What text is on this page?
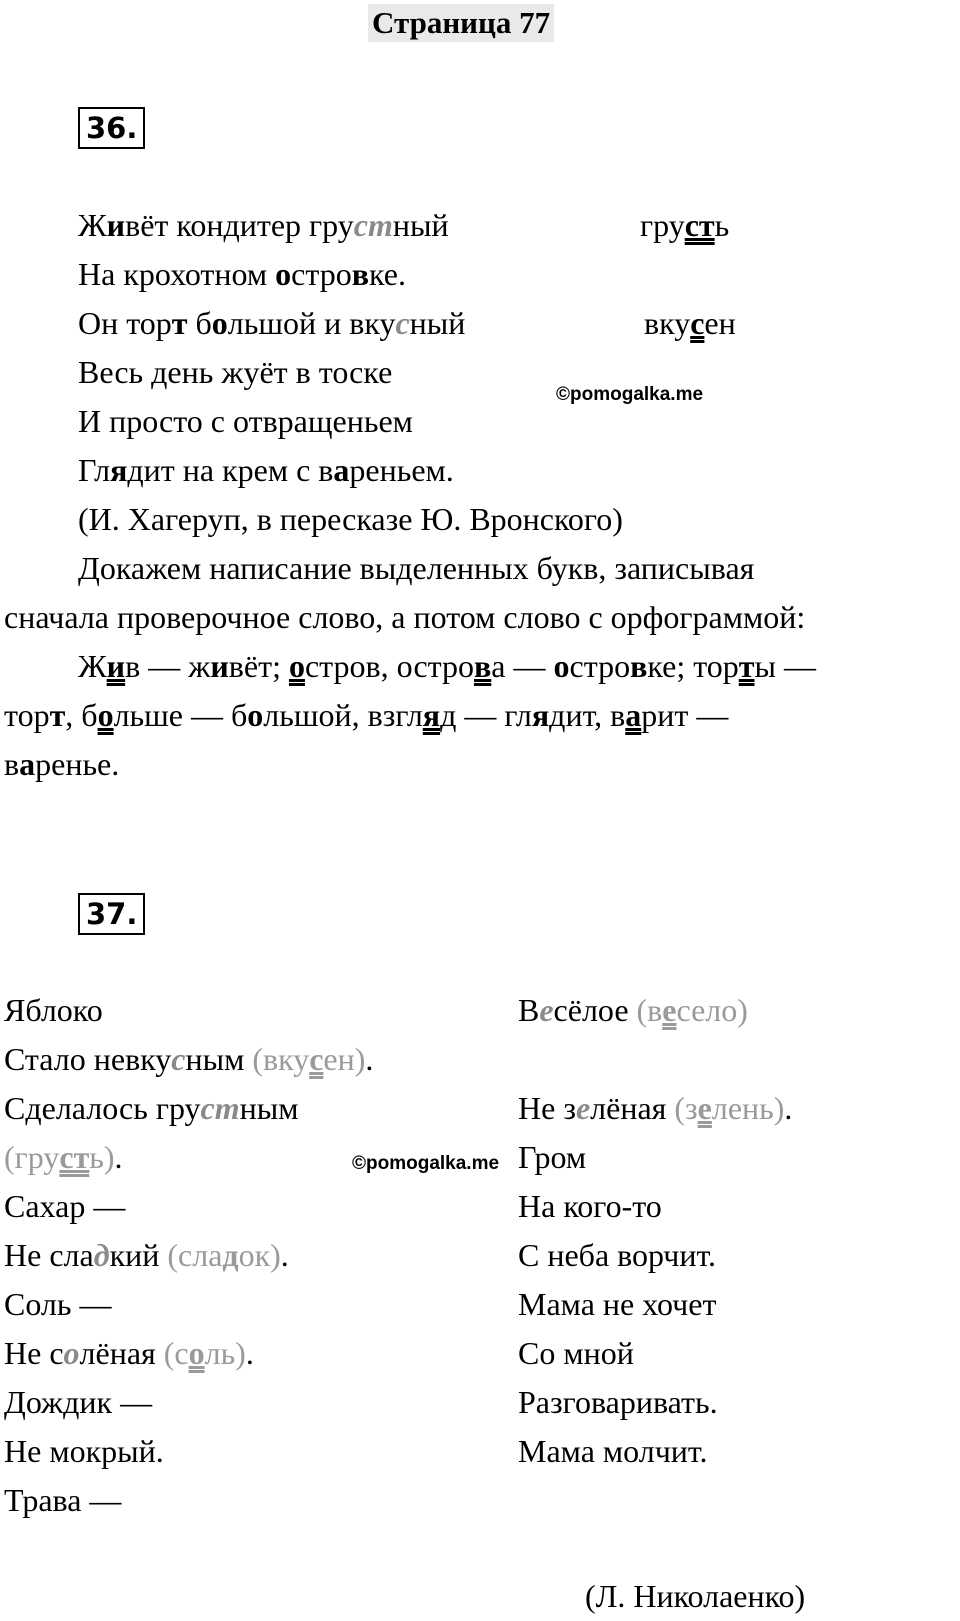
Страница 77
36.
Живёт кондитер грустный
На крохотном островке.
Он торт большой и вкусный
Весь день жуёт в тоске
И просто с отвращеньем
Глядит на крем с вареньем.
грусть
вкусен
©pomogalka.me
(И. Хагеруп, в пересказе Ю. Вронского)
Докажем написание выделенных букв, записывая
сначала проверочное слово, а потом слово с орфограммой:
Жив — живёт; остров, острова — островке; торты —
торт, больше — большой, взгляд — глядит, варит —
варенье.
37.
Яблоко
Стало невкусным (вкусен).
Сделалось грустным
(грусть).
Сахар —
Не сладкий (сладок).
Соль —
Не солёная (соль).
Дождик —
Не мокрый.
Трава —
©pomogalka.me
Весёлое (весело)
Не зелёная (зелень).
Гром
На кого-то
С неба ворчит.
Мама не хочет
Со мной
Разговаривать.
Мама молчит.
(Л. Николаенко)
